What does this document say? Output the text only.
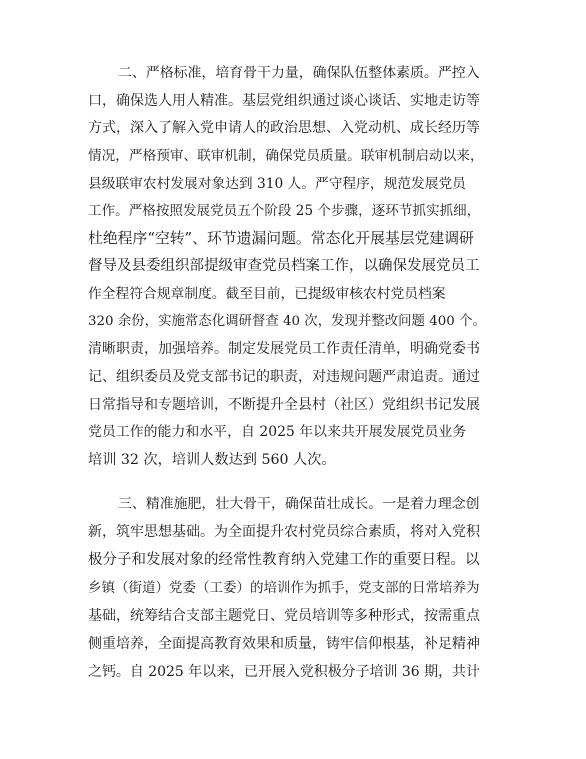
二、严格标准，培育骨干力量，确保队伍整体素质。严控入
口，确保选人用人精准。基层党组织通过谈心谈话、实地走访等
方式，深入了解入党申请人的政治思想、入党动机、成长经历等
情况，严格预审、联审机制，确保党员质量。联审机制启动以来，
县级联审农村发展对象达到 310 人。严守程序，规范发展党员
工作。严格按照发展党员五个阶段 25 个步骤，逐环节抓实抓细，
杜绝程序“空转”、环节遗漏问题。常态化开展基层党建调研
督导及县委组织部提级审查党员档案工作，以确保发展党员工
作全程符合规章制度。截至目前，已提级审核农村党员档案
320 余份，实施常态化调研督查 40 次，发现并整改问题 400 个。
清晰职责，加强培养。制定发展党员工作责任清单，明确党委书
记、组织委员及党支部书记的职责，对违规问题严肃追责。通过
日常指导和专题培训，不断提升全县村（社区）党组织书记发展
党员工作的能力和水平，自 2025 年以来共开展发展党员业务
培训 32 次，培训人数达到 560 人次。
三、精准施肥，壮大骨干，确保苗壮成长。一是着力理念创
新，筑牢思想基础。为全面提升农村党员综合素质，将对入党积
极分子和发展对象的经常性教育纳入党建工作的重要日程。以
乡镇（街道）党委（工委）的培训作为抓手，党支部的日常培养为
基础，统筹结合支部主题党日、党员培训等多种形式，按需重点
侧重培养，全面提高教育效果和质量，铸牢信仰根基，补足精神
之钙。自 2025 年以来，已开展入党积极分子培训 36 期，共计
